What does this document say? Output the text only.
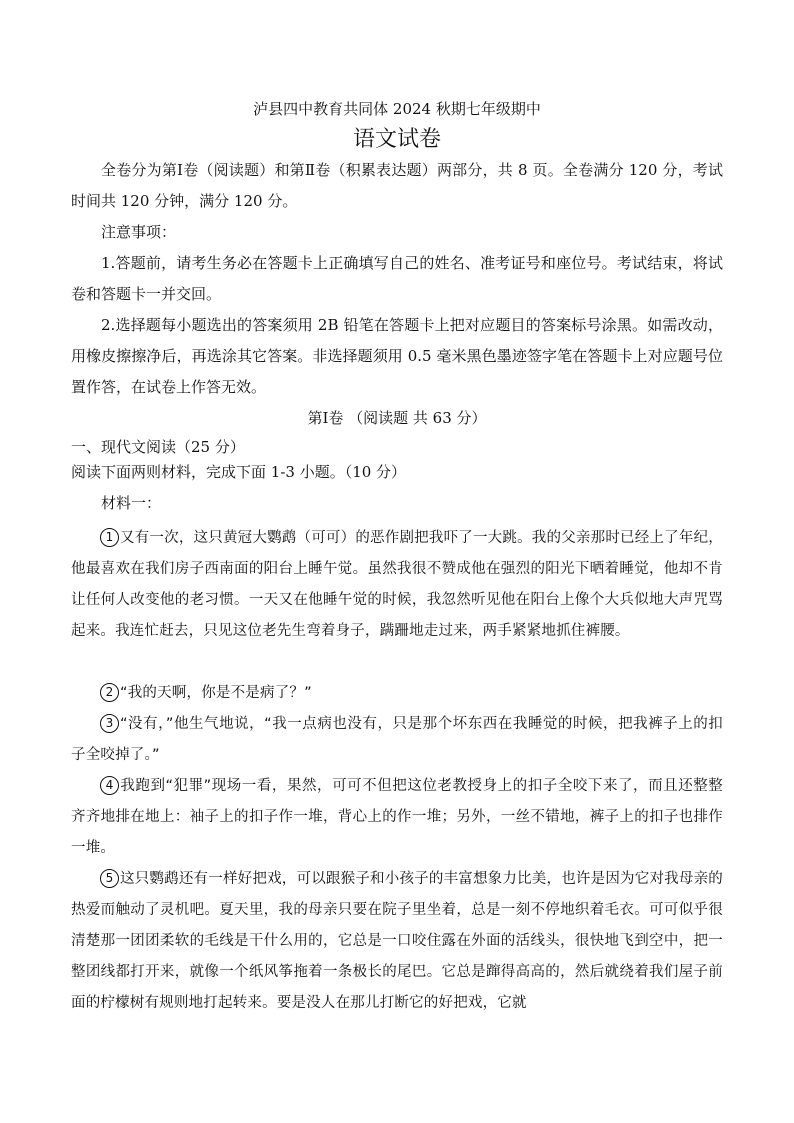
泸县四中教育共同体 2024 秋期七年级期中
语文试卷
全卷分为第Ⅰ卷（阅读题）和第Ⅱ卷（积累表达题）两部分，共 8 页。全卷满分 120 分，考试时间共 120 分钟，满分 120 分。
注意事项：
1.答题前，请考生务必在答题卡上正确填写自己的姓名、准考证号和座位号。考试结束，将试卷和答题卡一并交回。
2.选择题每小题选出的答案须用 2B 铅笔在答题卡上把对应题目的答案标号涂黑。如需改动，用橡皮擦擦净后，再选涂其它答案。非选择题须用 0.5 毫米黑色墨迹签字笔在答题卡上对应题号位置作答，在试卷上作答无效。
第Ⅰ卷 （阅读题 共 63 分）
一、现代文阅读（25 分）
阅读下面两则材料，完成下面 1-3 小题。（10 分）
材料一：
1 又有一次，这只黄冠大鹦鹉（可可）的恶作剧把我吓了一大跳。我的父亲那时已经上了年纪，他最喜欢在我们房子西南面的阳台上睡午觉。虽然我很不赞成他在强烈的阳光下晒着睡觉，他却不肯让任何人改变他的老习惯。一天又在他睡午觉的时候，我忽然听见他在阳台上像个大兵似地大声咒骂起来。我连忙赶去，只见这位老先生弯着身子，蹒跚地走过来，两手紧紧地抓住裤腰。
2 “我的天啊，你是不是病了？”
3 “没有，”他生气地说，“我一点病也没有，只是那个坏东西在我睡觉的时候，把我裤子上的扣子全咬掉了。”
4 我跑到“犯罪”现场一看，果然，可可不但把这位老教授身上的扣子全咬下来了，而且还整整齐齐地排在地上：袖子上的扣子作一堆，背心上的作一堆；另外，一丝不错地，裤子上的扣子也排作一堆。
5 这只鹦鹉还有一样好把戏，可以跟猴子和小孩子的丰富想象力比美，也许是因为它对我母亲的热爱而触动了灵机吧。夏天里，我的母亲只要在院子里坐着，总是一刻不停地织着毛衣。可可似乎很清楚那一团团柔软的毛线是干什么用的，它总是一口咬住露在外面的活线头，很快地飞到空中，把一整团线都打开来，就像一个纸风筝拖着一条极长的尾巴。它总是蹿得高高的，然后就绕着我们屋子前面的柠檬树有规则地打起转来。要是没人在那儿打断它的好把戏，它就
